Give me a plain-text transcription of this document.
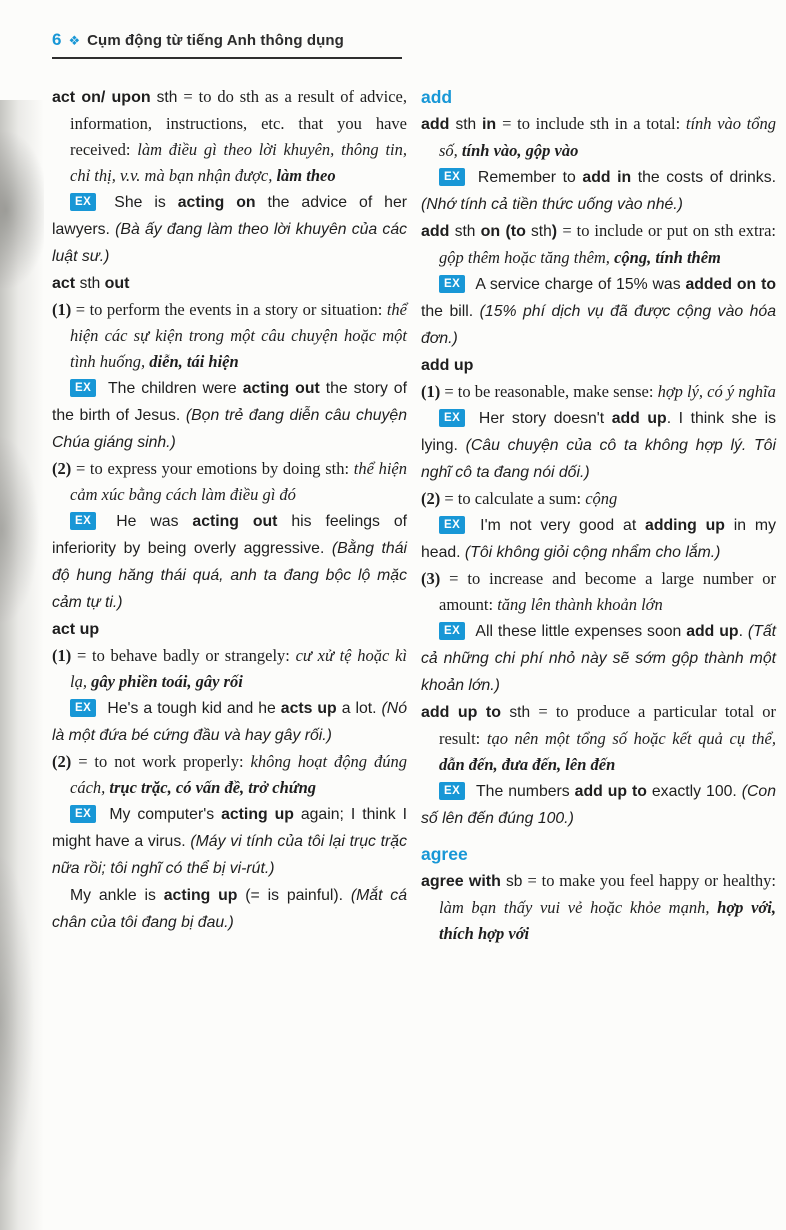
6 ❖ Cụm động từ tiếng Anh thông dụng

act on/ upon sth = to do sth as a result of advice, information, instructions, etc. that you have received: làm điều gì theo lời khuyên, thông tin, chỉ thị, v.v. mà bạn nhận được, làm theo

EX She is acting on the advice of her lawyers. (Bà ấy đang làm theo lời khuyên của các luật sư.)

act sth out

(1) = to perform the events in a story or situation: thể hiện các sự kiện trong một câu chuyện hoặc một tình huống, diễn, tái hiện

EX The children were acting out the story of the birth of Jesus. (Bọn trẻ đang diễn câu chuyện Chúa giáng sinh.)

(2) = to express your emotions by doing sth: thể hiện cảm xúc bằng cách làm điều gì đó

EX He was acting out his feelings of inferiority by being overly aggressive. (Bằng thái độ hung hăng thái quá, anh ta đang bộc lộ mặc cảm tự ti.)

act up

(1) = to behave badly or strangely: cư xử tệ hoặc kì lạ, gây phiền toái, gây rối

EX He's a tough kid and he acts up a lot. (Nó là một đứa bé cứng đầu và hay gây rối.)

(2) = to not work properly: không hoạt động đúng cách, trục trặc, có vấn đề, trở chứng

EX My computer's acting up again; I think I might have a virus. (Máy vi tính của tôi lại trục trặc nữa rồi; tôi nghĩ có thể bị vi-rút.)

My ankle is acting up (= is painful). (Mắt cá chân của tôi đang bị đau.)

add

add sth in = to include sth in a total: tính vào tổng số, tính vào, gộp vào

EX Remember to add in the costs of drinks. (Nhớ tính cả tiền thức uống vào nhé.)

add sth on (to sth) = to include or put on sth extra: gộp thêm hoặc tăng thêm, cộng, tính thêm

EX A service charge of 15% was added on to the bill. (15% phí dịch vụ đã được cộng vào hóa đơn.)

add up

(1) = to be reasonable, make sense: hợp lý, có ý nghĩa

EX Her story doesn't add up. I think she is lying. (Câu chuyện của cô ta không hợp lý. Tôi nghĩ cô ta đang nói dối.)

(2) = to calculate a sum: cộng

EX I'm not very good at adding up in my head. (Tôi không giỏi cộng nhẩm cho lắm.)

(3) = to increase and become a large number or amount: tăng lên thành khoản lớn

EX All these little expenses soon add up. (Tất cả những chi phí nhỏ này sẽ sớm gộp thành một khoản lớn.)

add up to sth = to produce a particular total or result: tạo nên một tổng số hoặc kết quả cụ thể, dẫn đến, đưa đến, lên đến

EX The numbers add up to exactly 100. (Con số lên đến đúng 100.)

agree

agree with sb = to make you feel happy or healthy: làm bạn thấy vui vẻ hoặc khỏe mạnh, hợp với, thích hợp với
